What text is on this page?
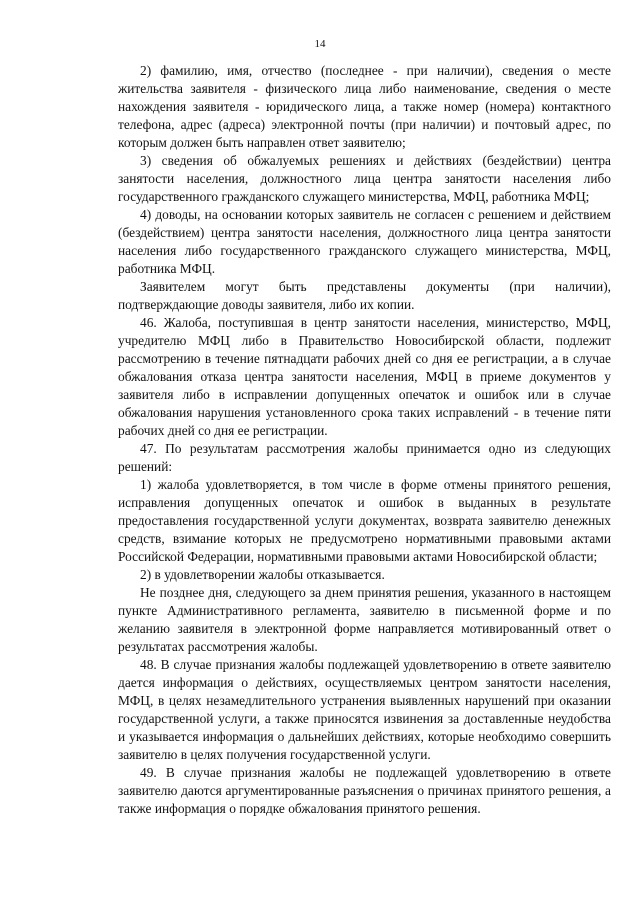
14

2) фамилию, имя, отчество (последнее - при наличии), сведения о месте жительства заявителя - физического лица либо наименование, сведения о месте нахождения заявителя - юридического лица, а также номер (номера) контактного телефона, адрес (адреса) электронной почты (при наличии) и почтовый адрес, по которым должен быть направлен ответ заявителю;

3) сведения об обжалуемых решениях и действиях (бездействии) центра занятости населения, должностного лица центра занятости населения либо государственного гражданского служащего министерства, МФЦ, работника МФЦ;

4) доводы, на основании которых заявитель не согласен с решением и действием (бездействием) центра занятости населения, должностного лица центра занятости населения либо государственного гражданского служащего министерства, МФЦ, работника МФЦ.

Заявителем могут быть представлены документы (при наличии), подтверждающие доводы заявителя, либо их копии.

46. Жалоба, поступившая в центр занятости населения, министерство, МФЦ, учредителю МФЦ либо в Правительство Новосибирской области, подлежит рассмотрению в течение пятнадцати рабочих дней со дня ее регистрации, а в случае обжалования отказа центра занятости населения, МФЦ в приеме документов у заявителя либо в исправлении допущенных опечаток и ошибок или в случае обжалования нарушения установленного срока таких исправлений - в течение пяти рабочих дней со дня ее регистрации.

47. По результатам рассмотрения жалобы принимается одно из следующих решений:

1) жалоба удовлетворяется, в том числе в форме отмены принятого решения, исправления допущенных опечаток и ошибок в выданных в результате предоставления государственной услуги документах, возврата заявителю денежных средств, взимание которых не предусмотрено нормативными правовыми актами Российской Федерации, нормативными правовыми актами Новосибирской области;

2) в удовлетворении жалобы отказывается.

Не позднее дня, следующего за днем принятия решения, указанного в настоящем пункте Административного регламента, заявителю в письменной форме и по желанию заявителя в электронной форме направляется мотивированный ответ о результатах рассмотрения жалобы.

48. В случае признания жалобы подлежащей удовлетворению в ответе заявителю дается информация о действиях, осуществляемых центром занятости населения, МФЦ, в целях незамедлительного устранения выявленных нарушений при оказании государственной услуги, а также приносятся извинения за доставленные неудобства и указывается информация о дальнейших действиях, которые необходимо совершить заявителю в целях получения государственной услуги.

49. В случае признания жалобы не подлежащей удовлетворению в ответе заявителю даются аргументированные разъяснения о причинах принятого решения, а также информация о порядке обжалования принятого решения.
